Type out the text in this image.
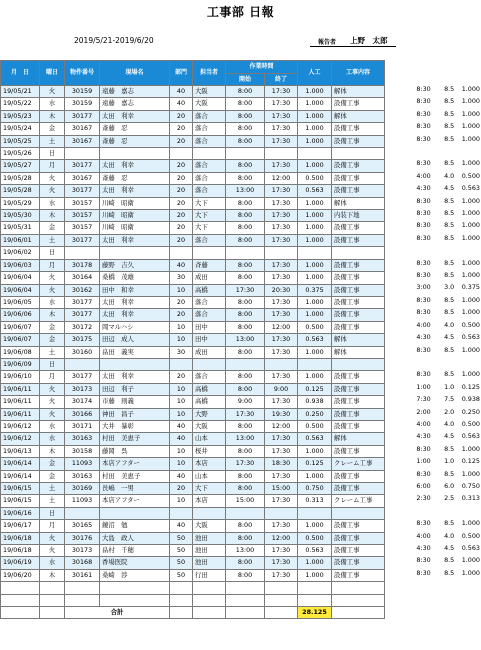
工事部 日報
2019/5/21-2019/6/20	報告者 上野　太郎
月　日	曜日	物件番号	現場名	部門	担当者	作業時間		人工	工事内容
						開始	終了		
19/05/21	火	30159	遠藤　嘉志	40	大阪	8:00	17:30	1.000	解体
19/05/22	水	30159	遠藤　嘉志	40	大阪	8:00	17:30	1.000	設備工事
19/05/23	木	30177	太田　利幸	20	落合	8:00	17:30	1.000	解体
19/05/24	金	30167	斎藤　忍	20	落合	8:00	17:30	1.000	設備工事
19/05/25	土	30167	斎藤　忍	20	落合	8:00	17:30	1.000	設備工事
19/05/26	日								
19/05/27	月	30177	太田　利幸	20	落合	8:00	17:30	1.000	設備工事
19/05/28	火	30167	斎藤　忍	20	落合	8:00	12:00	0.500	設備工事
19/05/28	火	30177	太田　利幸	20	落合	13:00	17:30	0.563	設備工事
19/05/29	水	30157	川崎　昭衛	20	大下	8:00	17:30	1.000	解体
19/05/30	木	30157	川崎　昭衛	20	大下	8:00	17:30	1.000	内装下地
19/05/31	金	30157	川崎　昭衛	20	大下	8:00	17:30	1.000	設備工事
19/06/01	土	30177	太田　利幸	20	落合	8:00	17:30	1.000	設備工事
19/06/02	日								
19/06/03	月	30178	藤野　吉久	40	斉藤	8:00	17:30	1.000	設備工事
19/06/04	火	30164	桑橋　茂雄	30	成田	8:00	17:30	1.000	設備工事
19/06/04	火	30162	田中　和幸	10	高橋	17:30	20:30	0.375	設備工事
19/06/05	水	30177	太田　利幸	20	落合	8:00	17:30	1.000	設備工事
19/06/06	木	30177	太田　利幸	20	落合	8:00	17:30	1.000	設備工事
19/06/07	金	30172	岡マルハシ	10	田中	8:00	12:00	0.500	設備工事
19/06/07	金	30175	田辺　成人	10	田中	13:00	17:30	0.563	解体
19/06/08	土	30160	畠田　義実	30	成田	8:00	17:30	1.000	解体
19/06/09	日								
19/06/10	月	30177	太田　利幸	20	落合	8:00	17:30	1.000	設備工事
19/06/11	火	30173	田辺　利子	10	高橋	8:00	9:00	0.125	設備工事
19/06/11	火	30174	市藤　則義	10	高橋	9:00	17:30	0.938	設備工事
19/06/11	火	30166	神田　昌子	10	大野	17:30	19:30	0.250	設備工事
19/06/12	水	30171	大井　暴彰	40	大阪	8:00	12:00	0.500	設備工事
19/06/12	水	30163	村田　美恵子	40	山本	13:00	17:30	0.563	解体
19/06/13	木	30158	藤岡　呉	10	桜井	8:00	17:30	1.000	設備工事
19/06/14	金	11093	本店アフター	10	本店	17:30	18:30	0.125	クレーム工事
19/06/14	金	30163	村田　美恵子	40	山本	8:00	17:30	1.000	設備工事
19/06/15	土	30169	長嶋　一男	20	大下	8:00	15:00	0.750	設備工事
19/06/15	土	11093	本店アフター	10	本店	15:00	17:30	0.313	クレーム工事
19/06/16	日								
19/06/17	月	30165	鏡沼　勉	40	大阪	8:00	17:30	1.000	設備工事
19/06/18	火	30176	大島　政人	50	池田	8:00	12:00	0.500	設備工事
19/06/18	火	30173	畠村　千穂	50	池田	13:00	17:30	0.563	設備工事
19/06/19	水	30168	香場医院	50	池田	8:00	17:30	1.000	設備工事
19/06/20	木	30161	桑崎　渉	50	行田	8:00	17:30	1.000	設備工事

		合計						28.125	
8:30	8.5	1.000
8:30	8.5	1.000
8:30	8.5	1.000
8:30	8.5	1.000
8:30	8.5	1.000

8:30	8.5	1.000
4:00	4.0	0.500
4:30	4.5	0.563
8:30	8.5	1.000
8:30	8.5	1.000
8:30	8.5	1.000
8:30	8.5	1.000

8:30	8.5	1.000
8:30	8.5	1.000
3:00	3.0	0.375
8:30	8.5	1.000
8:30	8.5	1.000
4:00	4.0	0.500
4:30	4.5	0.563
8:30	8.5	1.000

8:30	8.5	1.000
1:00	1.0	0.125
7:30	7.5	0.938
2:00	2.0	0.250
4:00	4.0	0.500
4:30	4.5	0.563
8:30	8.5	1.000
1:00	1.0	0.125
8:30	8.5	1.000
6:00	6.0	0.750
2:30	2.5	0.313

8:30	8.5	1.000
4:00	4.0	0.500
4:30	4.5	0.563
8:30	8.5	1.000
8:30	8.5	1.000
